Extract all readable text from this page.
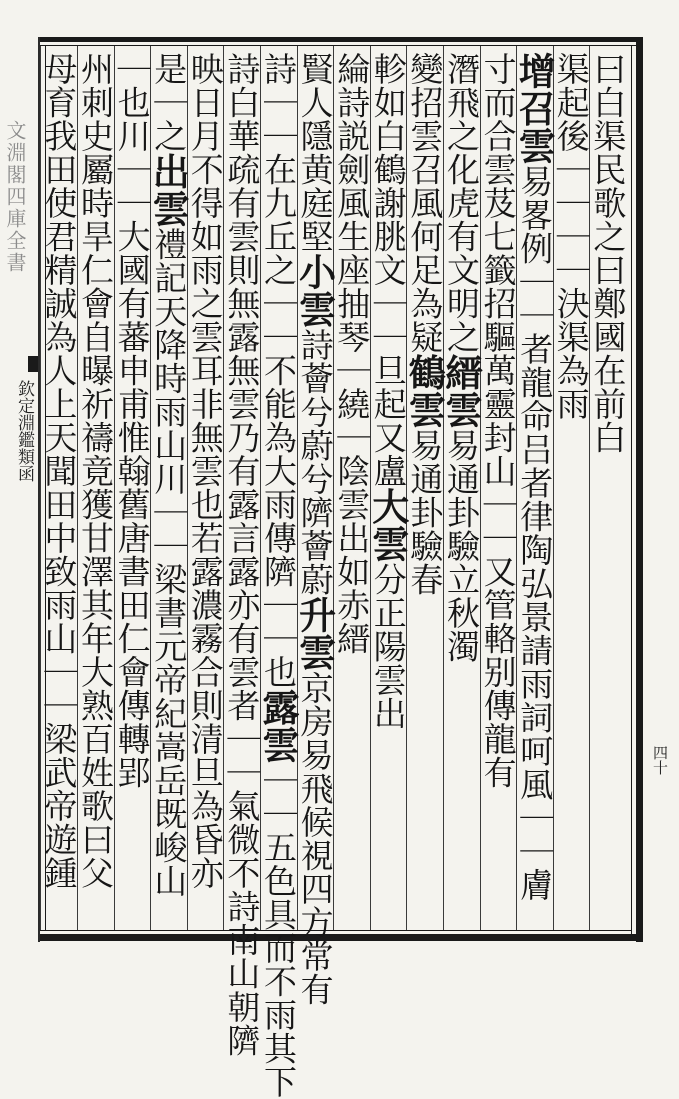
文淵閣四庫全書
欽定淵鑑類函
四十
曰白渠民歌之曰鄭國在前白
渠起後｜｜｜｜決渠為雨
增召雲易畧例｜｜者龍命吕者律陶弘景請雨詞呵風｜｜膚
寸而合雲芨七籤招驅萬靈封山｜｜又管輅别傳龍有
潛飛之化虎有文明之縉雲易通卦驗立秋濁
變招雲召風何足為疑鶴雲易通卦驗春
軫如白鶴謝朓文｜｜旦起又盧大雲分正陽雲出
綸詩説劍風生座抽琴｜繞｜陰雲出如赤縉
賢人隱黄庭堅小雲詩薈兮蔚兮隮薈蔚升雲京房易飛候視四方常有
詩｜｜在九丘之｜｜不能為大雨傳隮｜｜也露雲｜｜五色具而不雨其下
詩白華疏有雲則無露無雲乃有露言露亦有雲者｜｜氣微不詩南山朝隮
映日月不得如雨之雲耳非無雲也若露濃霧合則清旦為昏亦
是｜之出雲禮記天降時雨山川｜｜梁書元帝紀嵩岳既峻山
｜也川｜｜大國有蕃申甫惟翰舊唐書田仁會傳轉郢
州刺史屬時旱仁會自曝祈禱竟獲甘澤其年大熟百姓歌曰父
母育我田使君精誠為人上天聞田中致雨山｜｜梁武帝遊鍾
